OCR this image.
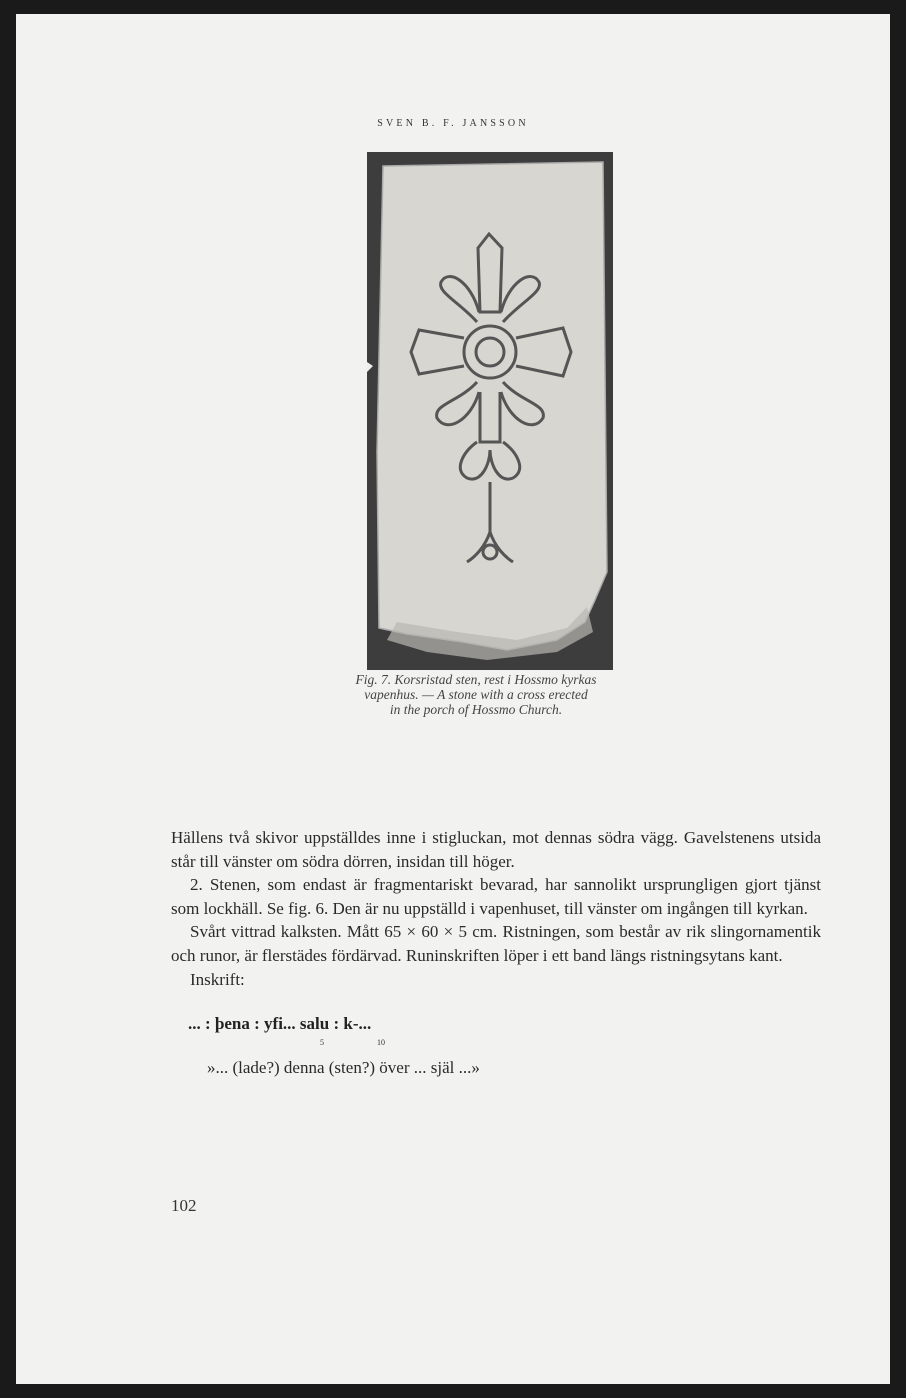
SVEN B. F. JANSSON
Fig. 7. Korsristad sten, rest i Hossmo kyrkas
vapenhus. — A stone with a cross erected
in the porch of Hossmo Church.

Hällens två skivor uppställdes inne i stigluckan, mot dennas södra vägg. Gavelstenens utsida står till vänster om södra dörren, insidan till höger.

2. Stenen, som endast är fragmentariskt bevarad, har sannolikt ursprungligen gjort tjänst som lockhäll. Se fig. 6. Den är nu uppställd i vapenhuset, till vänster om ingången till kyrkan.

Svårt vittrad kalksten. Mått 65 × 60 × 5 cm. Ristningen, som består av rik slingornamentik och runor, är flerstädes fördärvad. Runinskriften löper i ett band längs ristningsytans kant.

Inskrift:

... : þena : yfi... salu : k-...
5	10
»... (lade?) denna (sten?) över ... själ ...»
102
